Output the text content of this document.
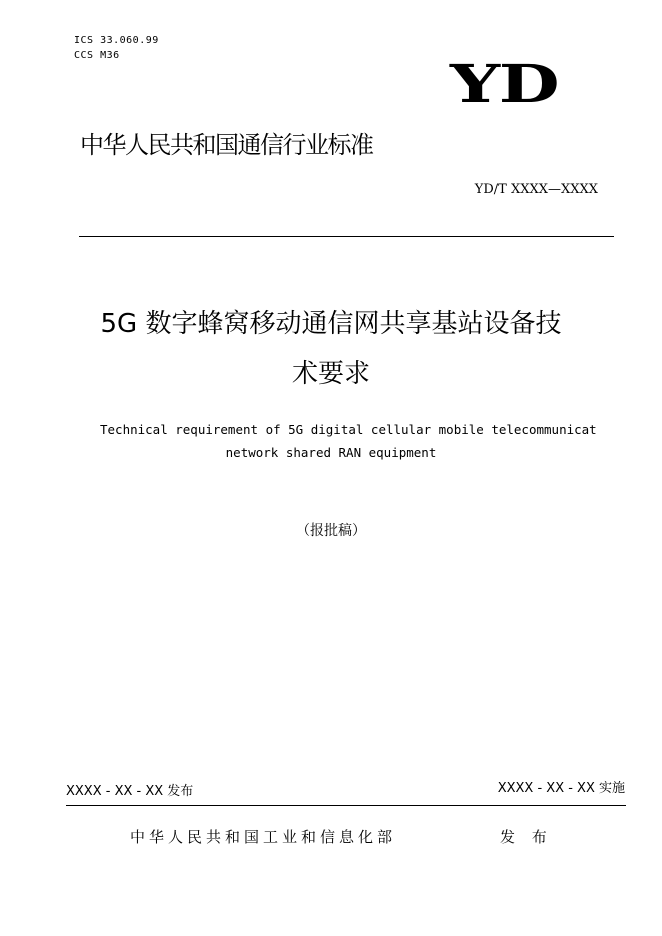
ICS 33.060.99
CCS M36	YD
中华人民共和国通信行业标准
YD/T XXXX—XXXX
5G 数字蜂窝移动通信网共享基站设备技
术要求
Technical requirement of 5G digital cellular mobile telecommunicat
network shared RAN equipment
（报批稿）
XXXX - XX - XX 发布	XXXX - XX - XX 实施
中华人民共和国工业和信息化部	发 布
